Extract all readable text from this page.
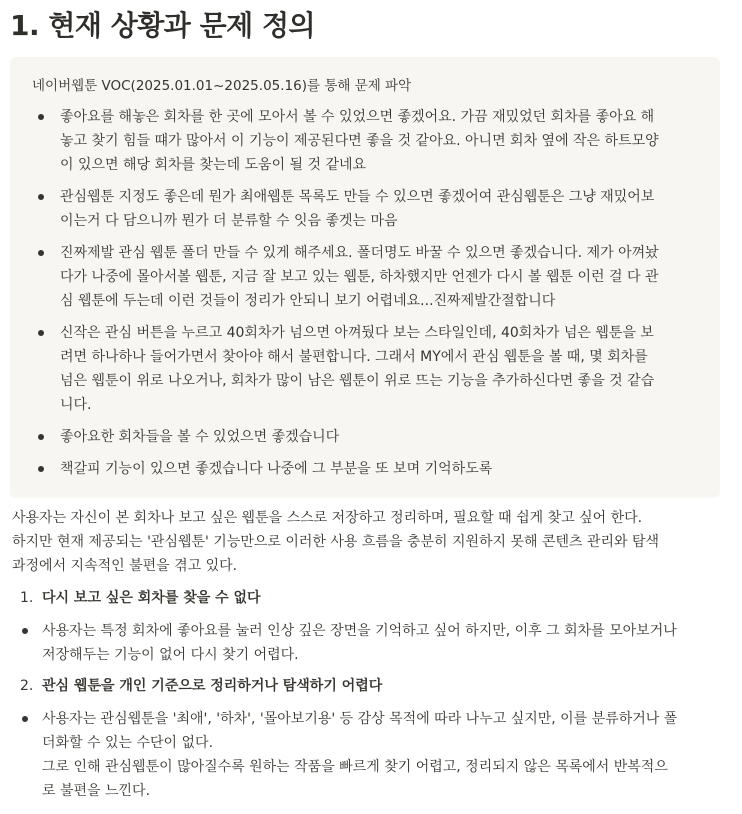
1. 현재 상황과 문제 정의
네이버웹툰 VOC(2025.01.01~2025.05.16)를 통해 문제 파악
좋아요를 해놓은 회차를 한 곳에 모아서 볼 수 있었으면 좋겠어요. 가끔 재밌었던 회차를 좋아요 해
놓고 찾기 힘들 떄가 많아서 이 기능이 제공된다면 좋을 것 같아요. 아니면 회차 옆에 작은 하트모양
이 있으면 해당 회차를 찾는데 도움이 될 것 같네요
관심웹툰 지정도 좋은데 뭔가 최애웹툰 목록도 만들 수 있으면 좋겠어여 관심웹툰은 그냥 재밌어보
이는거 다 담으니까 뭔가 더 분류할 수 잇음 좋겟는 마음
진짜제발 관심 웹툰 폴더 만들 수 있게 해주세요. 폴더명도 바꿀 수 있으면 좋겠습니다. 제가 아껴놨
다가 나중에 몰아서볼 웹툰, 지금 잘 보고 있는 웹툰, 하차했지만 언젠가 다시 볼 웹툰 이런 걸 다 관
심 웹툰에 두는데 이런 것들이 정리가 안되니 보기 어렵네요...진짜제발간절합니다
신작은 관심 버튼을 누르고 40회차가 넘으면 아껴뒀다 보는 스타일인데, 40회차가 넘은 웹툰을 보
려면 하나하나 들어가면서 찾아야 해서 불편합니다. 그래서 MY에서 관심 웹툰을 볼 때, 몇 회차를
넘은 웹툰이 위로 나오거나, 회차가 많이 남은 웹툰이 위로 뜨는 기능을 추가하신다면 좋을 것 같습
니다.
좋아요한 회차들을 볼 수 있었으면 좋겠습니다
책갈피 기능이 있으면 좋겠습니다 나중에 그 부분을 또 보며 기억하도록
사용자는 자신이 본 회차나 보고 싶은 웹툰을 스스로 저장하고 정리하며, 필요할 때 쉽게 찾고 싶어 한다.
하지만 현재 제공되는 '관심웹툰' 기능만으로 이러한 사용 흐름을 충분히 지원하지 못해 콘텐츠 관리와 탐색
과정에서 지속적인 불편을 겪고 있다.
1. 다시 보고 싶은 회차를 찾을 수 없다
사용자는 특정 회차에 좋아요를 눌러 인상 깊은 장면을 기억하고 싶어 하지만, 이후 그 회차를 모아보거나
저장해두는 기능이 없어 다시 찾기 어렵다.
2. 관심 웹툰을 개인 기준으로 정리하거나 탐색하기 어렵다
사용자는 관심웹툰을 '최애', '하차', '몰아보기용' 등 감상 목적에 따라 나누고 싶지만, 이를 분류하거나 폴
더화할 수 있는 수단이 없다.
그로 인해 관심웹툰이 많아질수록 원하는 작품을 빠르게 찾기 어렵고, 정리되지 않은 목록에서 반복적으
로 불편을 느낀다.
